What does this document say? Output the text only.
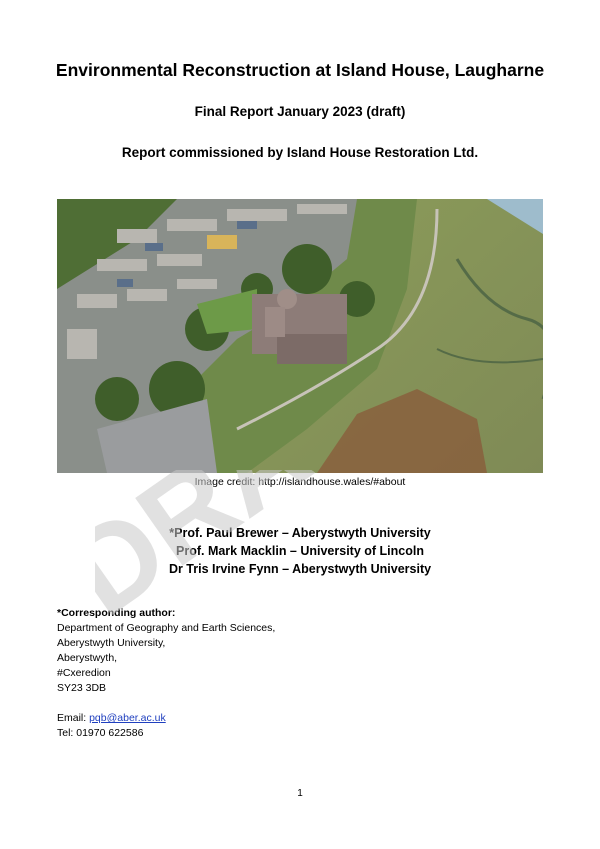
Environmental Reconstruction at Island House, Laugharne
Final Report January 2023 (draft)
Report commissioned by Island House Restoration Ltd.
Image credit: http://islandhouse.wales/#about
*Prof. Paul Brewer – Aberystwyth University
Prof. Mark Macklin – University of Lincoln
Dr Tris Irvine Fynn – Aberystwyth University
*Corresponding author:
Department of Geography and Earth Sciences,
Aberystwyth University,
Aberystwyth,
#Cxeredion
SY23 3DB
Email: pqb@aber.ac.uk
Tel: 01970 622586
1
